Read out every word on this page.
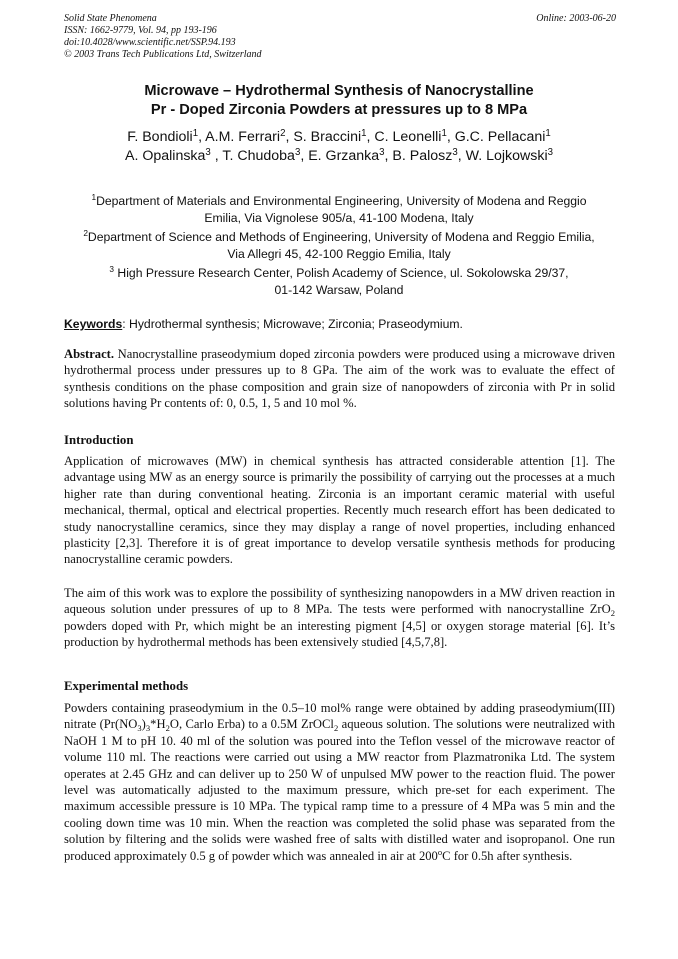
Solid State Phenomena
ISSN: 1662-9779, Vol. 94, pp 193-196
doi:10.4028/www.scientific.net/SSP.94.193
© 2003 Trans Tech Publications Ltd, Switzerland
Online: 2003-06-20
Microwave – Hydrothermal Synthesis of Nanocrystalline
Pr - Doped Zirconia Powders at pressures up to 8 MPa
F. Bondioli$^1$, A.M. Ferrari$^2$, S. Braccini$^1$, C. Leonelli$^1$, G.C. Pellacani$^1$
A. Opalinska$^3$ , T. Chudoba$^3$, E. Grzanka$^3$, B. Palosz$^3$, W. Lojkowski$^3$
$^1$Department of Materials and Environmental Engineering, University of Modena and Reggio
Emilia, Via Vignolese 905/a, 41-100 Modena, Italy
$^2$Department of Science and Methods of Engineering, University of Modena and Reggio Emilia,
Via Allegri 45, 42-100 Reggio Emilia, Italy
$^3$ High Pressure Research Center, Polish Academy of Science, ul. Sokolowska 29/37,
01-142 Warsaw, Poland
Keywords: Hydrothermal synthesis; Microwave; Zirconia; Praseodymium.

Abstract. Nanocrystalline praseodymium doped zirconia powders were produced using a microwave driven hydrothermal process under pressures up to 8 GPa. The aim of the work was to evaluate the effect of synthesis conditions on the phase composition and grain size of nanopowders of zirconia with Pr in solid solutions having Pr contents of: 0, 0.5, 1, 5 and 10 mol %.

Introduction

Application of microwaves (MW) in chemical synthesis has attracted considerable attention [1]. The advantage using MW as an energy source is primarily the possibility of carrying out the processes at a much higher rate than during conventional heating. Zirconia is an important ceramic material with useful mechanical, thermal, optical and electrical properties. Recently much research effort has been dedicated to study nanocrystalline ceramics, since they may display a range of novel properties, including enhanced plasticity [2,3]. Therefore it is of great importance to develop versatile synthesis methods for producing nanocrystalline ceramic powders.

The aim of this work was to explore the possibility of synthesizing nanopowders in a MW driven reaction in aqueous solution under pressures of up to 8 MPa. The tests were performed with nanocrystalline ZrO$_2$ powders doped with Pr, which might be an interesting pigment [4,5] or oxygen storage material [6]. It’s production by hydrothermal methods has been extensively studied [4,5,7,8].

Experimental methods

Powders containing praseodymium in the 0.5–10 mol% range were obtained by adding praseodymium(III) nitrate ($Pr(NO_3)_3*H_2O$, Carlo Erba) to a 0.5M ZrOCl$_2$ aqueous solution. The solutions were neutralized with NaOH 1 M to pH 10. 40 ml of the solution was poured into the Teflon vessel of the microwave reactor of volume 110 ml. The reactions were carried out using a MW reactor from Plazmatronika Ltd. The system operates at 2.45 GHz and can deliver up to 250 W of unpulsed MW power to the reaction fluid. The power level was automatically adjusted to the maximum pressure, which pre-set for each experiment. The maximum accessible pressure is 10 MPa. The typical ramp time to a pressure of 4 MPa was 5 min and the cooling down time was 10 min. When the reaction was completed the solid phase was separated from the solution by filtering and the solids were washed free of salts with distilled water and isopropanol. One run produced approximately 0.5 g of powder which was annealed in air at 200$^o$C for 0.5h after synthesis.
